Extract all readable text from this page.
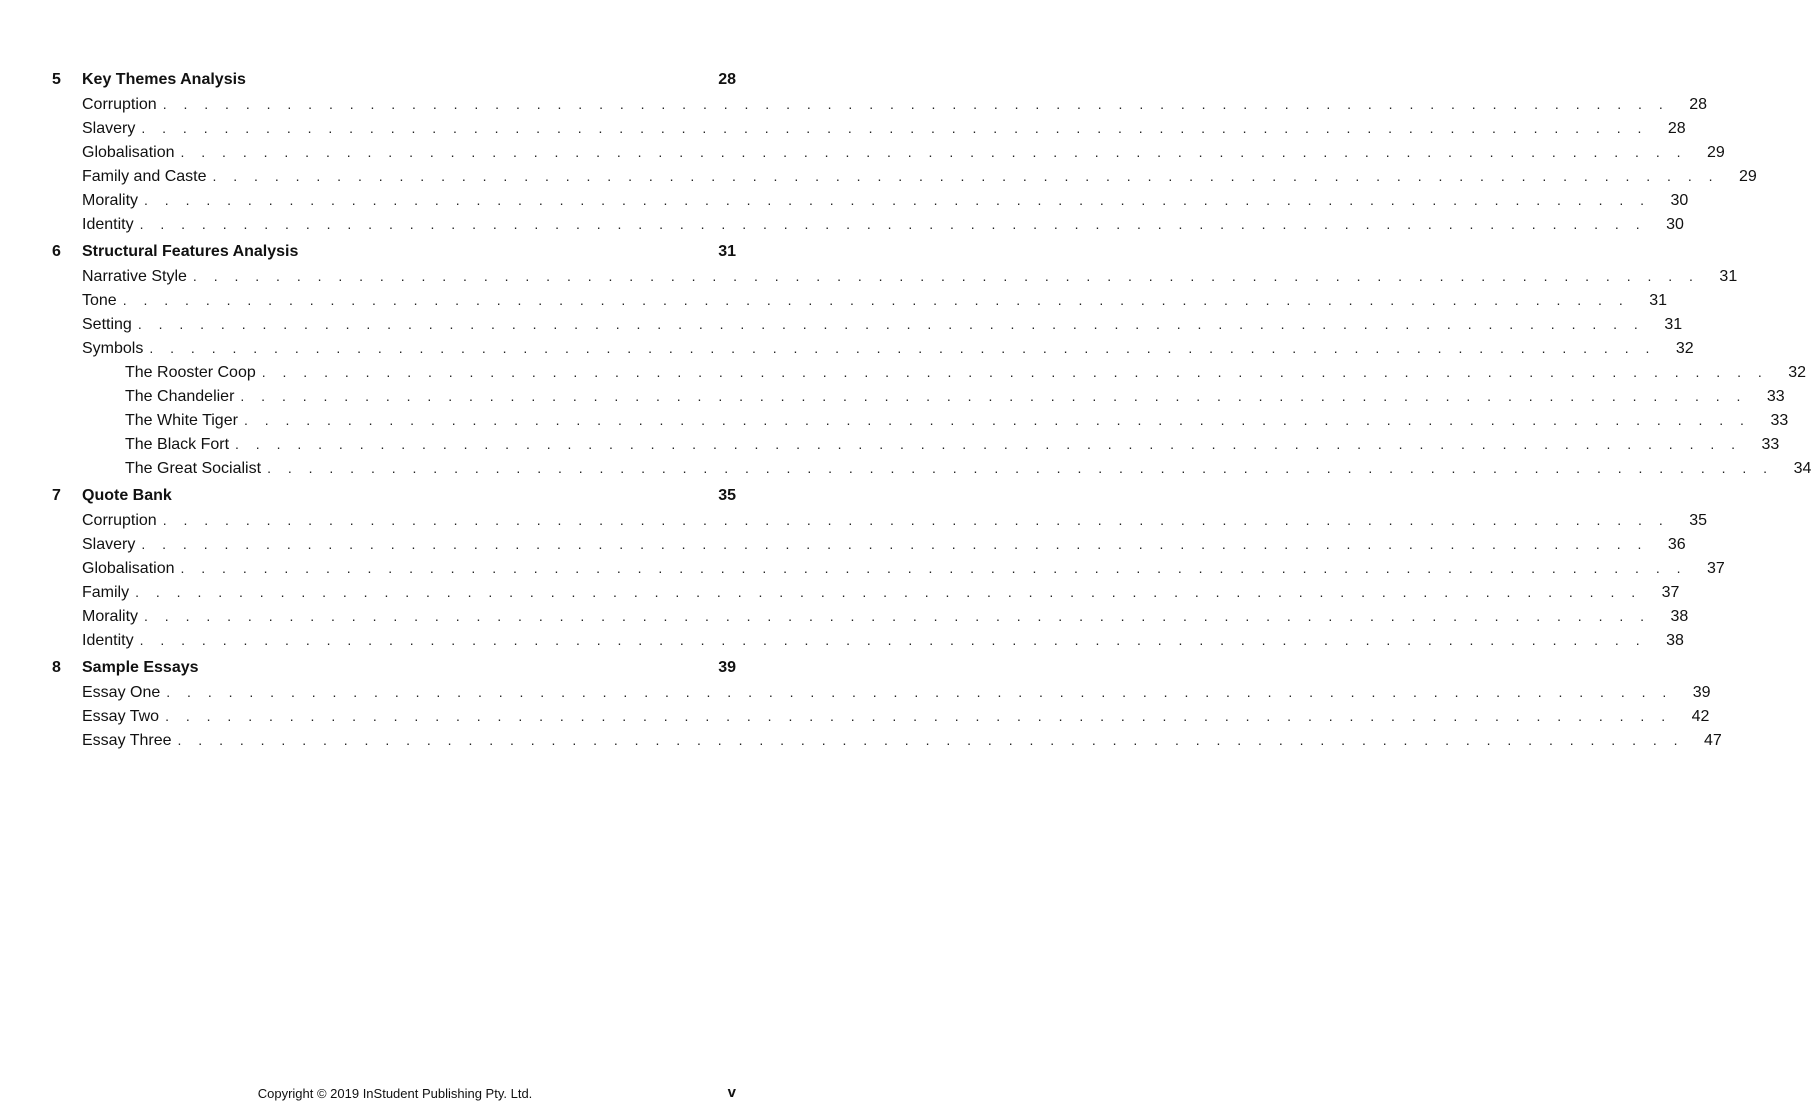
5	Key Themes Analysis	28
Corruption . . . . . . . . . . . . . . . . . . . . . . . . . . . . . . . . . . . . . . . . . . . . . . . . . . . . . . . . . . . . . . . . . . . . . . . . . 28
Slavery . . . . . . . . . . . . . . . . . . . . . . . . . . . . . . . . . . . . . . . . . . . . . . . . . . . . . . . . . . . . . . . . . . . . . . . . . 28
Globalisation . . . . . . . . . . . . . . . . . . . . . . . . . . . . . . . . . . . . . . . . . . . . . . . . . . . . . . . . . . . . . . . . . . . . . . . . . 29
Family and Caste . . . . . . . . . . . . . . . . . . . . . . . . . . . . . . . . . . . . . . . . . . . . . . . . . . . . . . . . . . . . . . . . . . . . . . . . . 29
Morality . . . . . . . . . . . . . . . . . . . . . . . . . . . . . . . . . . . . . . . . . . . . . . . . . . . . . . . . . . . . . . . . . . . . . . . . . 30
Identity . . . . . . . . . . . . . . . . . . . . . . . . . . . . . . . . . . . . . . . . . . . . . . . . . . . . . . . . . . . . . . . . . . . . . . . . . 30
6	Structural Features Analysis	31
Narrative Style . . . . . . . . . . . . . . . . . . . . . . . . . . . . . . . . . . . . . . . . . . . . . . . . . . . . . . . . . . . . . . . . . . . . . . . . . 31
Tone . . . . . . . . . . . . . . . . . . . . . . . . . . . . . . . . . . . . . . . . . . . . . . . . . . . . . . . . . . . . . . . . . . . . . . . . . 31
Setting . . . . . . . . . . . . . . . . . . . . . . . . . . . . . . . . . . . . . . . . . . . . . . . . . . . . . . . . . . . . . . . . . . . . . . . . . 31
Symbols . . . . . . . . . . . . . . . . . . . . . . . . . . . . . . . . . . . . . . . . . . . . . . . . . . . . . . . . . . . . . . . . . . . . . . . . . 32
The Rooster Coop . . . . . . . . . . . . . . . . . . . . . . . . . . . . . . . . . . . . . . . . . . . . . . . . . . . . . . . . . . . . . . . . . . . . . . . . . 32
The Chandelier . . . . . . . . . . . . . . . . . . . . . . . . . . . . . . . . . . . . . . . . . . . . . . . . . . . . . . . . . . . . . . . . . . . . . . . . . 33
The White Tiger . . . . . . . . . . . . . . . . . . . . . . . . . . . . . . . . . . . . . . . . . . . . . . . . . . . . . . . . . . . . . . . . . . . . . . . . . 33
The Black Fort . . . . . . . . . . . . . . . . . . . . . . . . . . . . . . . . . . . . . . . . . . . . . . . . . . . . . . . . . . . . . . . . . . . . . . . . . 33
The Great Socialist . . . . . . . . . . . . . . . . . . . . . . . . . . . . . . . . . . . . . . . . . . . . . . . . . . . . . . . . . . . . . . . . . . . . . . . . . 34
7	Quote Bank	35
Corruption . . . . . . . . . . . . . . . . . . . . . . . . . . . . . . . . . . . . . . . . . . . . . . . . . . . . . . . . . . . . . . . . . . . . . . . . . 35
Slavery . . . . . . . . . . . . . . . . . . . . . . . . . . . . . . . . . . . . . . . . . . . . . . . . . . . . . . . . . . . . . . . . . . . . . . . . . 36
Globalisation . . . . . . . . . . . . . . . . . . . . . . . . . . . . . . . . . . . . . . . . . . . . . . . . . . . . . . . . . . . . . . . . . . . . . . . . . 37
Family . . . . . . . . . . . . . . . . . . . . . . . . . . . . . . . . . . . . . . . . . . . . . . . . . . . . . . . . . . . . . . . . . . . . . . . . . 37
Morality . . . . . . . . . . . . . . . . . . . . . . . . . . . . . . . . . . . . . . . . . . . . . . . . . . . . . . . . . . . . . . . . . . . . . . . . . 38
Identity . . . . . . . . . . . . . . . . . . . . . . . . . . . . . . . . . . . . . . . . . . . . . . . . . . . . . . . . . . . . . . . . . . . . . . . . . 38
8	Sample Essays	39
Essay One . . . . . . . . . . . . . . . . . . . . . . . . . . . . . . . . . . . . . . . . . . . . . . . . . . . . . . . . . . . . . . . . . . . . . . . . . 39
Essay Two . . . . . . . . . . . . . . . . . . . . . . . . . . . . . . . . . . . . . . . . . . . . . . . . . . . . . . . . . . . . . . . . . . . . . . . . . 42
Essay Three . . . . . . . . . . . . . . . . . . . . . . . . . . . . . . . . . . . . . . . . . . . . . . . . . . . . . . . . . . . . . . . . . . . . . . . . . 47
Copyright © 2019 InStudent Publishing Pty. Ltd.	v
